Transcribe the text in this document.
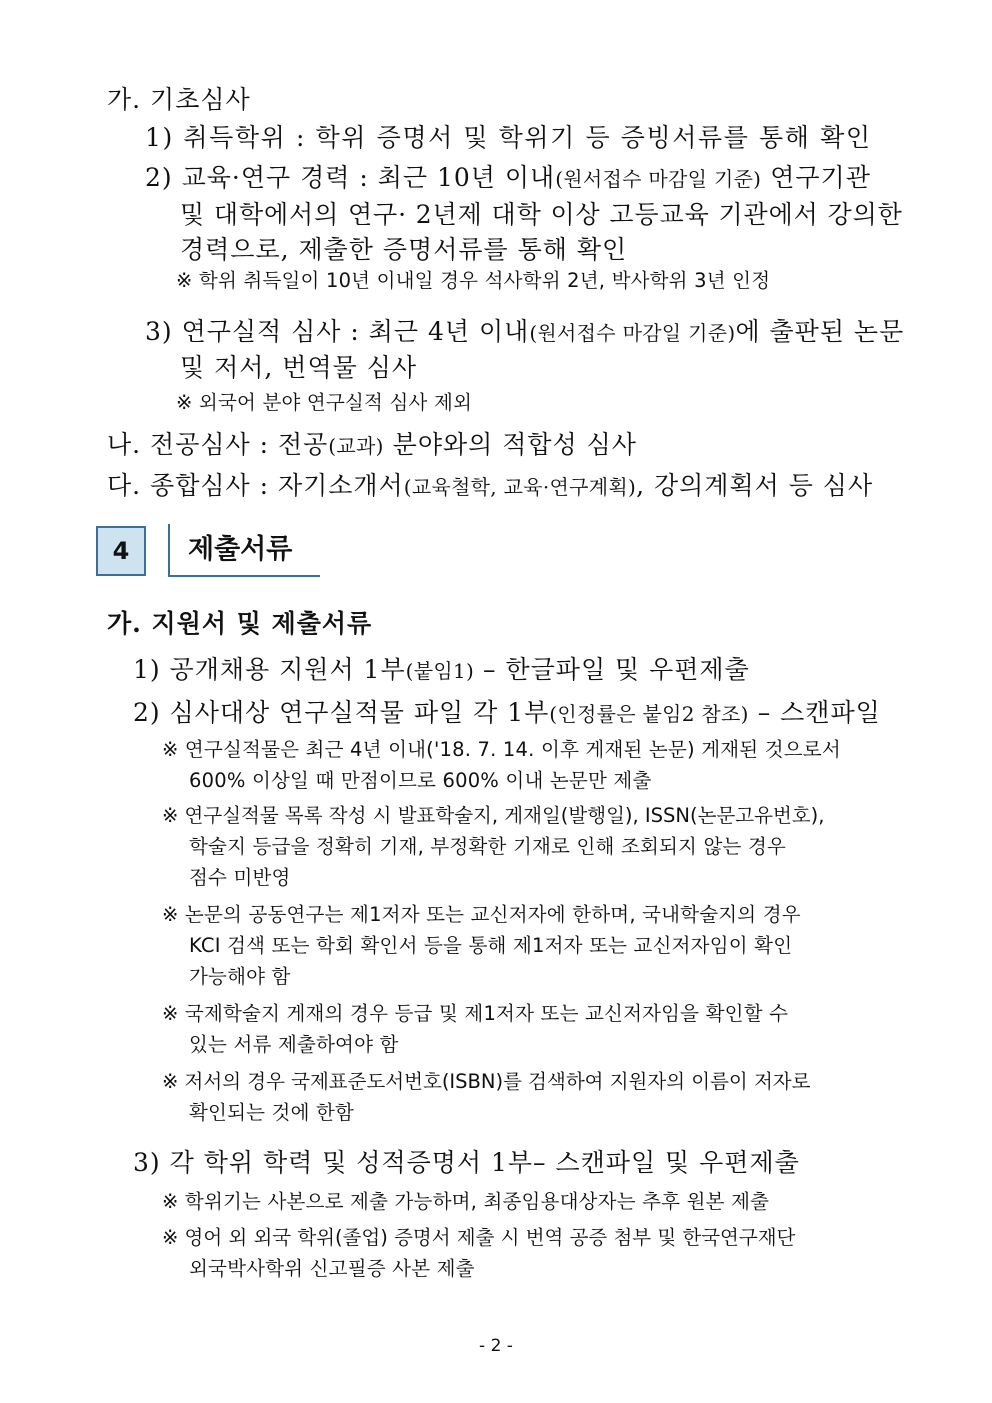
가. 기초심사
1) 취득학위 : 학위 증명서 및 학위기 등 증빙서류를 통해 확인
2) 교육·연구 경력 : 최근 10년 이내(원서접수 마감일 기준) 연구기관
및 대학에서의 연구· 2년제 대학 이상 고등교육 기관에서 강의한
경력으로, 제출한 증명서류를 통해 확인
※ 학위 취득일이 10년 이내일 경우 석사학위 2년, 박사학위 3년 인정
3) 연구실적 심사 : 최근 4년 이내(원서접수 마감일 기준)에 출판된 논문
및 저서, 번역물 심사
※ 외국어 분야 연구실적 심사 제외
나. 전공심사 : 전공(교과) 분야와의 적합성 심사
다. 종합심사 : 자기소개서(교육철학, 교육·연구계획), 강의계획서 등 심사
4	제출서류
가. 지원서 및 제출서류
1) 공개채용 지원서 1부(붙임1) – 한글파일 및 우편제출
2) 심사대상 연구실적물 파일 각 1부(인정률은 붙임2 참조) – 스캔파일
※ 연구실적물은 최근 4년 이내('18. 7. 14. 이후 게재된 논문) 게재된 것으로서
600% 이상일 때 만점이므로 600% 이내 논문만 제출
※ 연구실적물 목록 작성 시 발표학술지, 게재일(발행일), ISSN(논문고유번호),
학술지 등급을 정확히 기재, 부정확한 기재로 인해 조회되지 않는 경우
점수 미반영
※ 논문의 공동연구는 제1저자 또는 교신저자에 한하며, 국내학술지의 경우
KCI 검색 또는 학회 확인서 등을 통해 제1저자 또는 교신저자임이 확인
가능해야 함
※ 국제학술지 게재의 경우 등급 및 제1저자 또는 교신저자임을 확인할 수
있는 서류 제출하여야 함
※ 저서의 경우 국제표준도서번호(ISBN)를 검색하여 지원자의 이름이 저자로
확인되는 것에 한함
3) 각 학위 학력 및 성적증명서 1부– 스캔파일 및 우편제출
※ 학위기는 사본으로 제출 가능하며, 최종임용대상자는 추후 원본 제출
※ 영어 외 외국 학위(졸업) 증명서 제출 시 번역 공증 첨부 및 한국연구재단
외국박사학위 신고필증 사본 제출
- 2 -
